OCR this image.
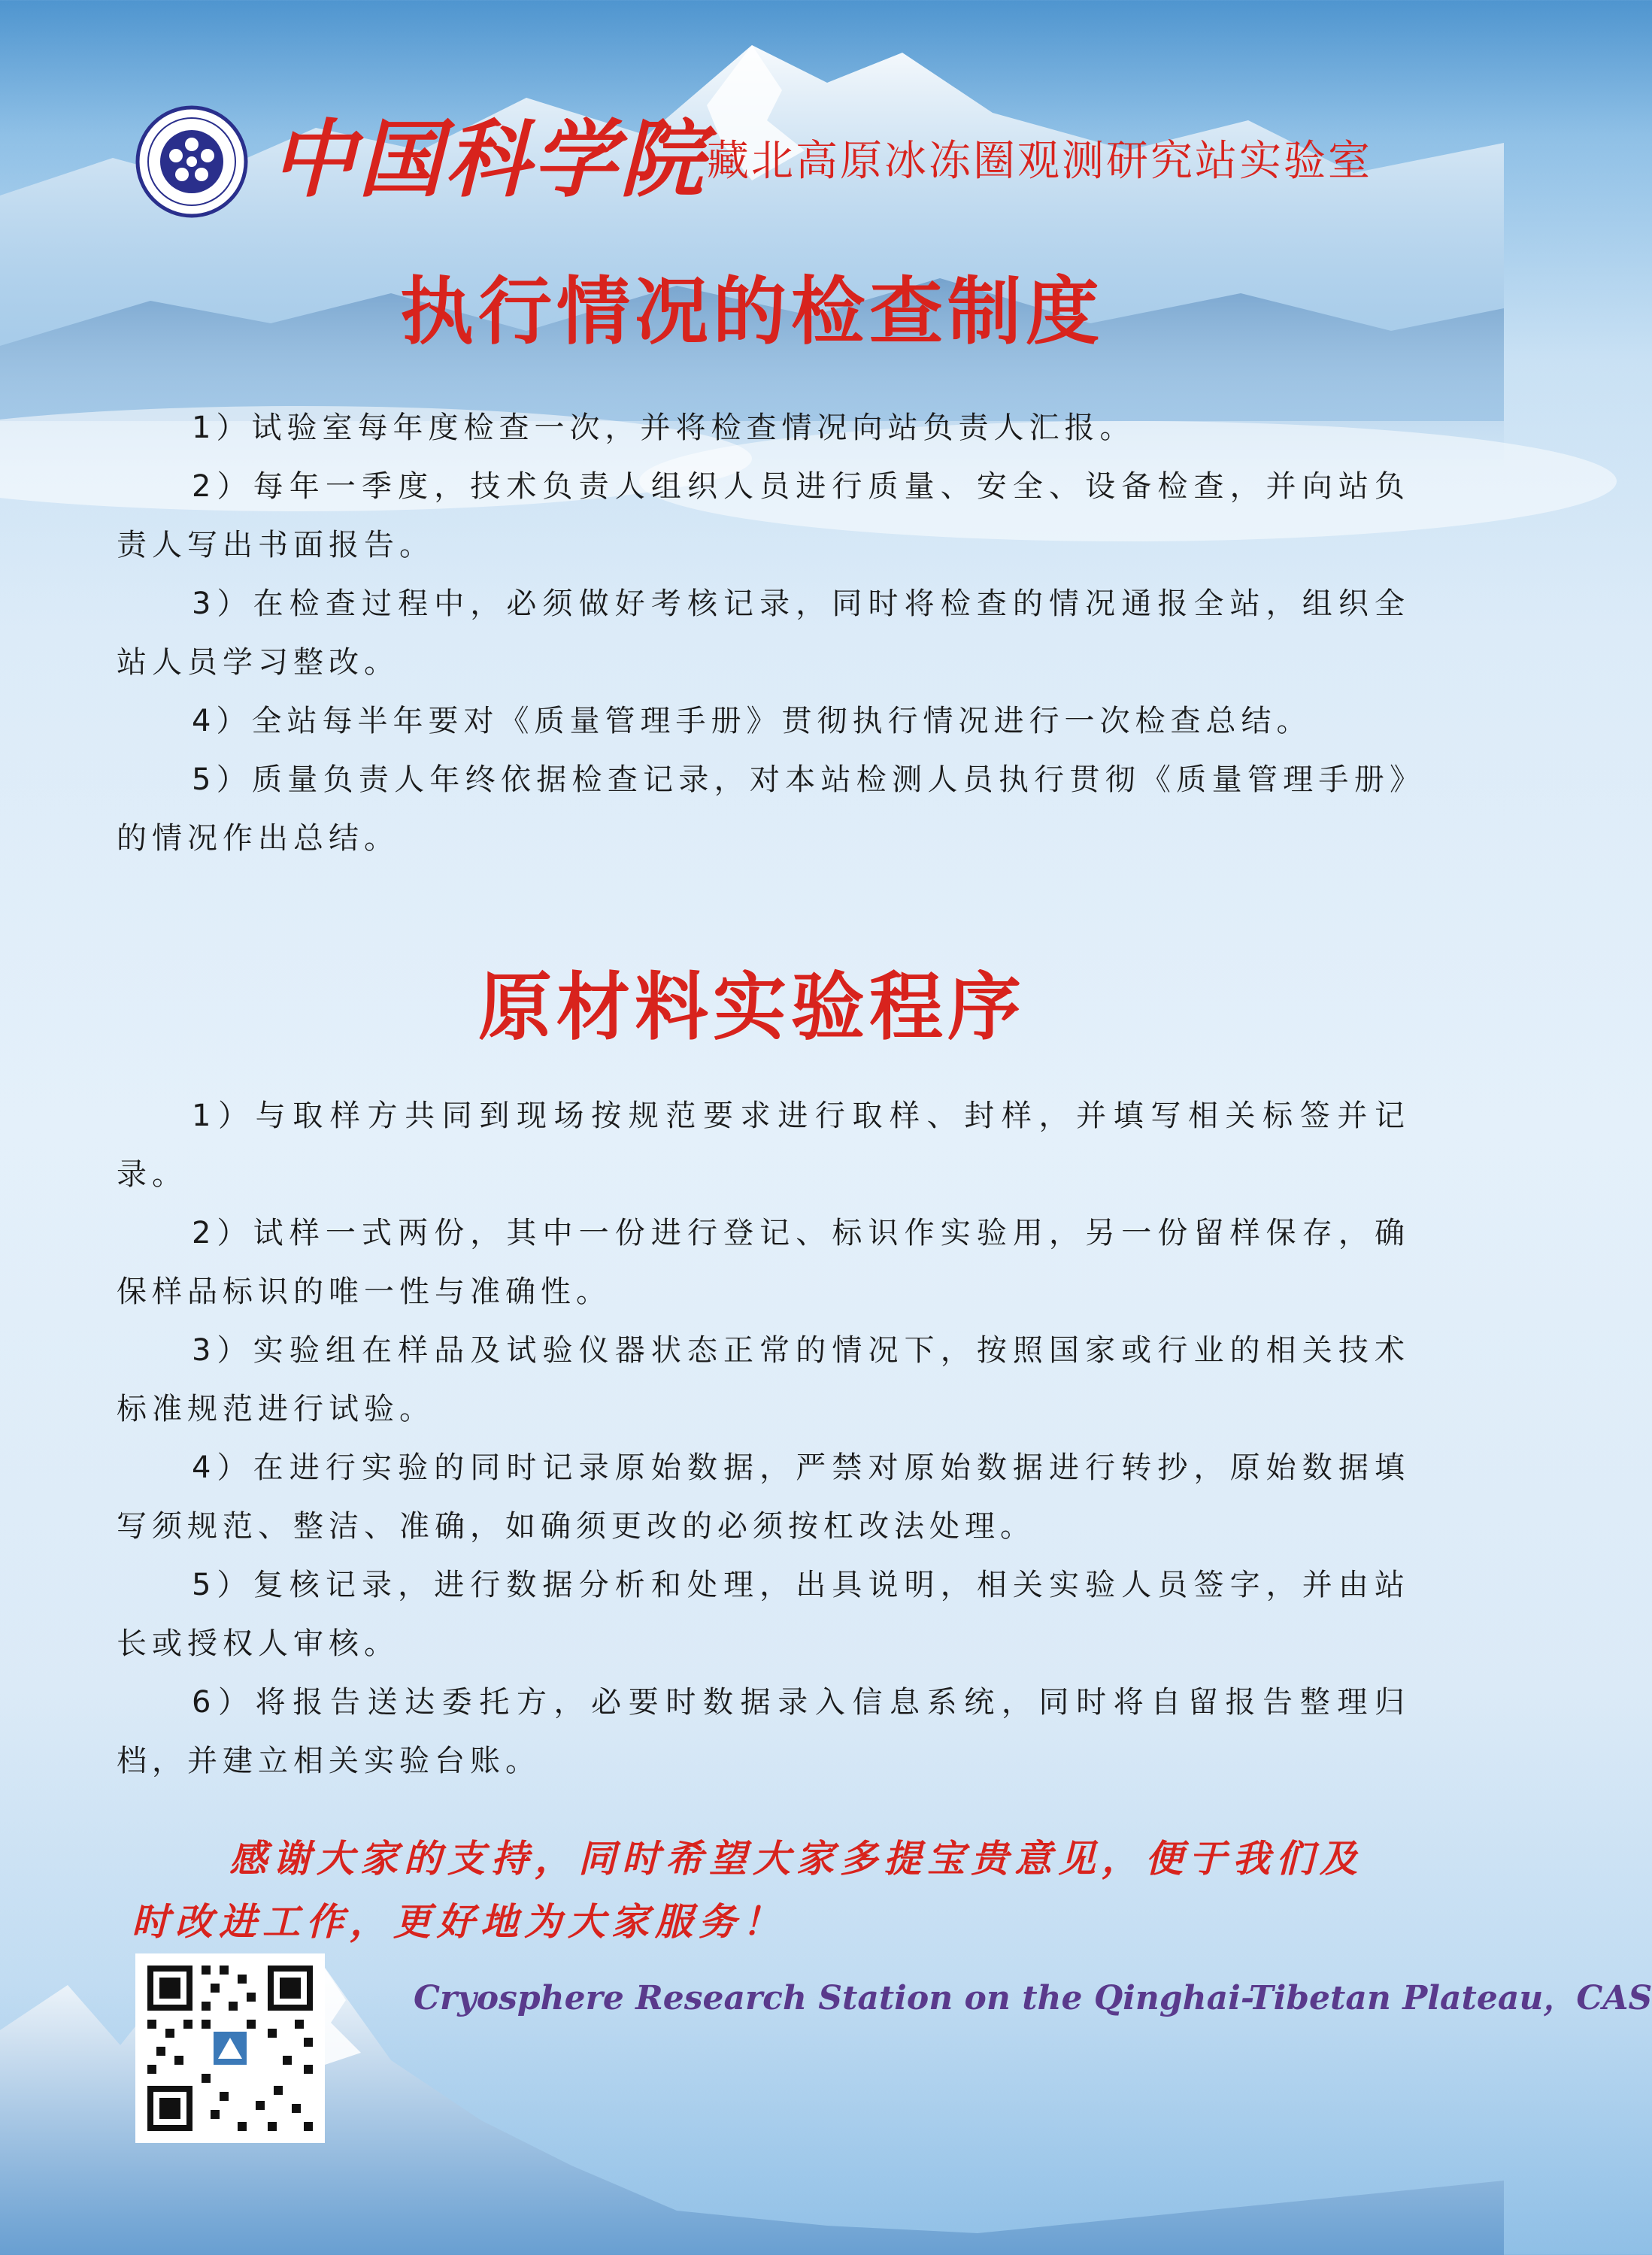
中国科学院 藏北高原冰冻圈观测研究站实验室
执行情况的检查制度

1）试验室每年度检查一次，并将检查情况向站负责人汇报。

2）每年一季度，技术负责人组织人员进行质量、安全、设备检查，并向站负责人写出书面报告。

3）在检查过程中，必须做好考核记录，同时将检查的情况通报全站，组织全站人员学习整改。

4）全站每半年要对《质量管理手册》贯彻执行情况进行一次检查总结。

5）质量负责人年终依据检查记录，对本站检测人员执行贯彻《质量管理手册》的情况作出总结。

原材料实验程序

1）与取样方共同到现场按规范要求进行取样、封样，并填写相关标签并记录。

2）试样一式两份，其中一份进行登记、标识作实验用，另一份留样保存，确保样品标识的唯一性与准确性。

3）实验组在样品及试验仪器状态正常的情况下，按照国家或行业的相关技术标准规范进行试验。

4）在进行实验的同时记录原始数据，严禁对原始数据进行转抄，原始数据填写须规范、整洁、准确，如确须更改的必须按杠改法处理。

5）复核记录，进行数据分析和处理，出具说明，相关实验人员签字，并由站长或授权人审核。

6）将报告送达委托方，必要时数据录入信息系统，同时将自留报告整理归档，并建立相关实验台账。

感谢大家的支持，同时希望大家多提宝贵意见，便于我们及

时改进工作，更好地为大家服务！

Cryosphere Research Station on the Qinghai-Tibetan Plateau，CAS
